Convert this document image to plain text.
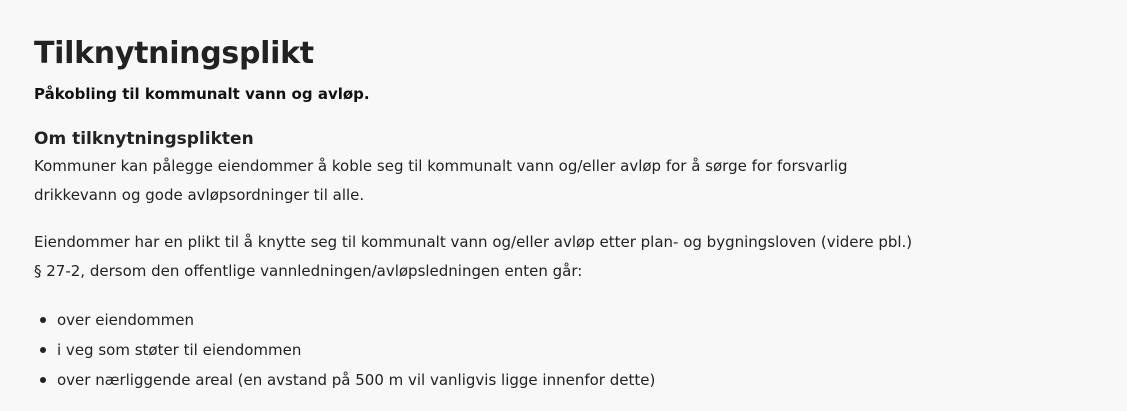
Tilknytningsplikt

Påkobling til kommunalt vann og avløp.

Om tilknytningsplikten

Kommuner kan pålegge eiendommer å koble seg til kommunalt vann og/eller avløp for å sørge for forsvarlig drikkevann og gode avløpsordninger til alle.

Eiendommer har en plikt til å knytte seg til kommunalt vann og/eller avløp etter plan- og bygningsloven (videre pbl.) § 27-2, dersom den offentlige vannledningen/avløpsledningen enten går:

over eiendommen
i veg som støter til eiendommen
over nærliggende areal (en avstand på 500 m vil vanligvis ligge innenfor dette)
